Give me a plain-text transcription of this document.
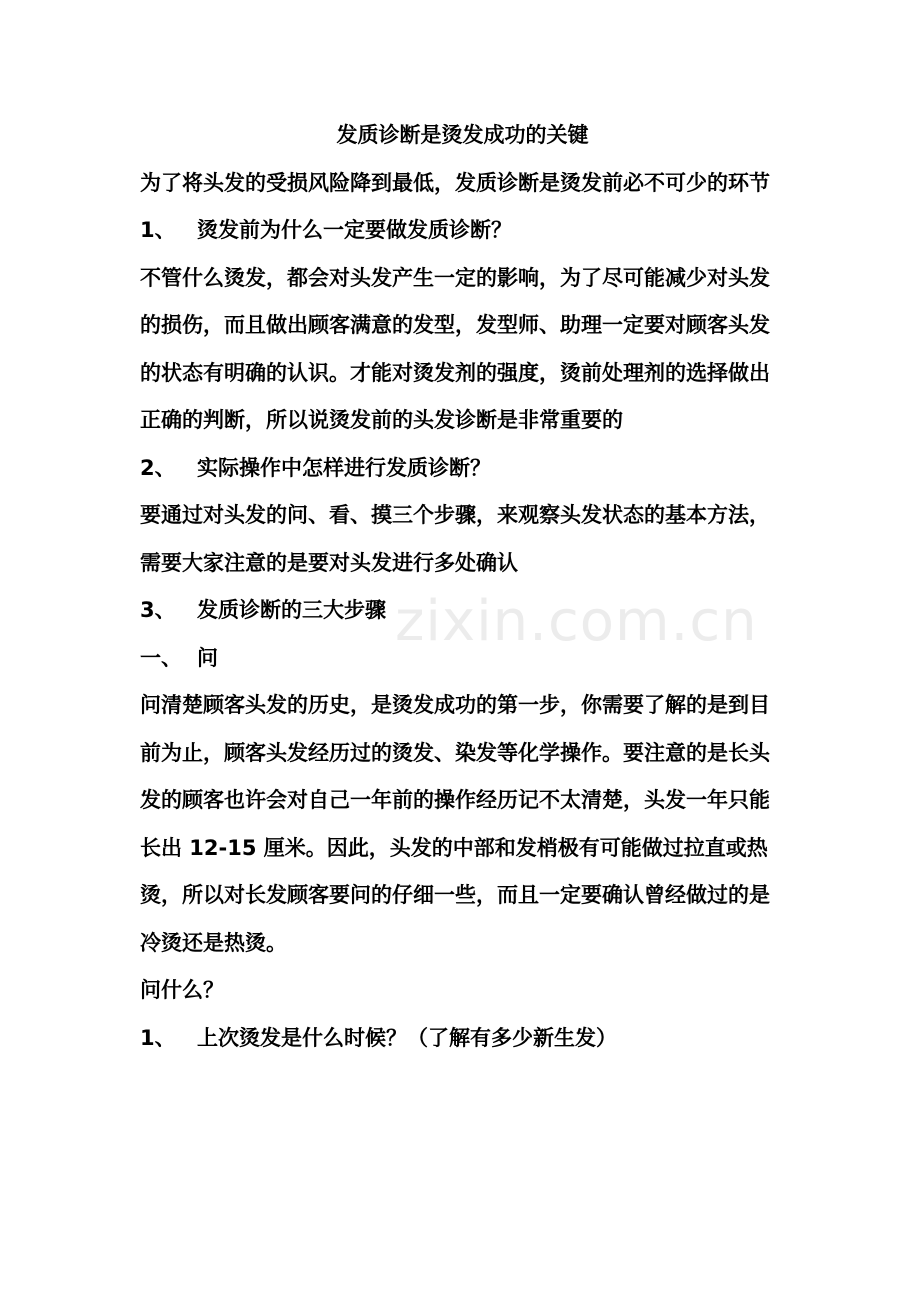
zixin.com.cn

发质诊断是烫发成功的关键

为了将头发的受损风险降到最低，发质诊断是烫发前必不可少的环节

1、 烫发前为什么一定要做发质诊断？

不管什么烫发，都会对头发产生一定的影响，为了尽可能减少对头发的损伤，而且做出顾客满意的发型，发型师、助理一定要对顾客头发的状态有明确的认识。才能对烫发剂的强度，烫前处理剂的选择做出正确的判断，所以说烫发前的头发诊断是非常重要的

2、 实际操作中怎样进行发质诊断？

要通过对头发的问、看、摸三个步骤，来观察头发状态的基本方法，需要大家注意的是要对头发进行多处确认

3、 发质诊断的三大步骤

一、 问

问清楚顾客头发的历史，是烫发成功的第一步，你需要了解的是到目前为止，顾客头发经历过的烫发、染发等化学操作。要注意的是长头发的顾客也许会对自己一年前的操作经历记不太清楚，头发一年只能长出 12-15 厘米。因此，头发的中部和发梢极有可能做过拉直或热烫，所以对长发顾客要问的仔细一些，而且一定要确认曾经做过的是冷烫还是热烫。

问什么？

1、 上次烫发是什么时候？（了解有多少新生发）
